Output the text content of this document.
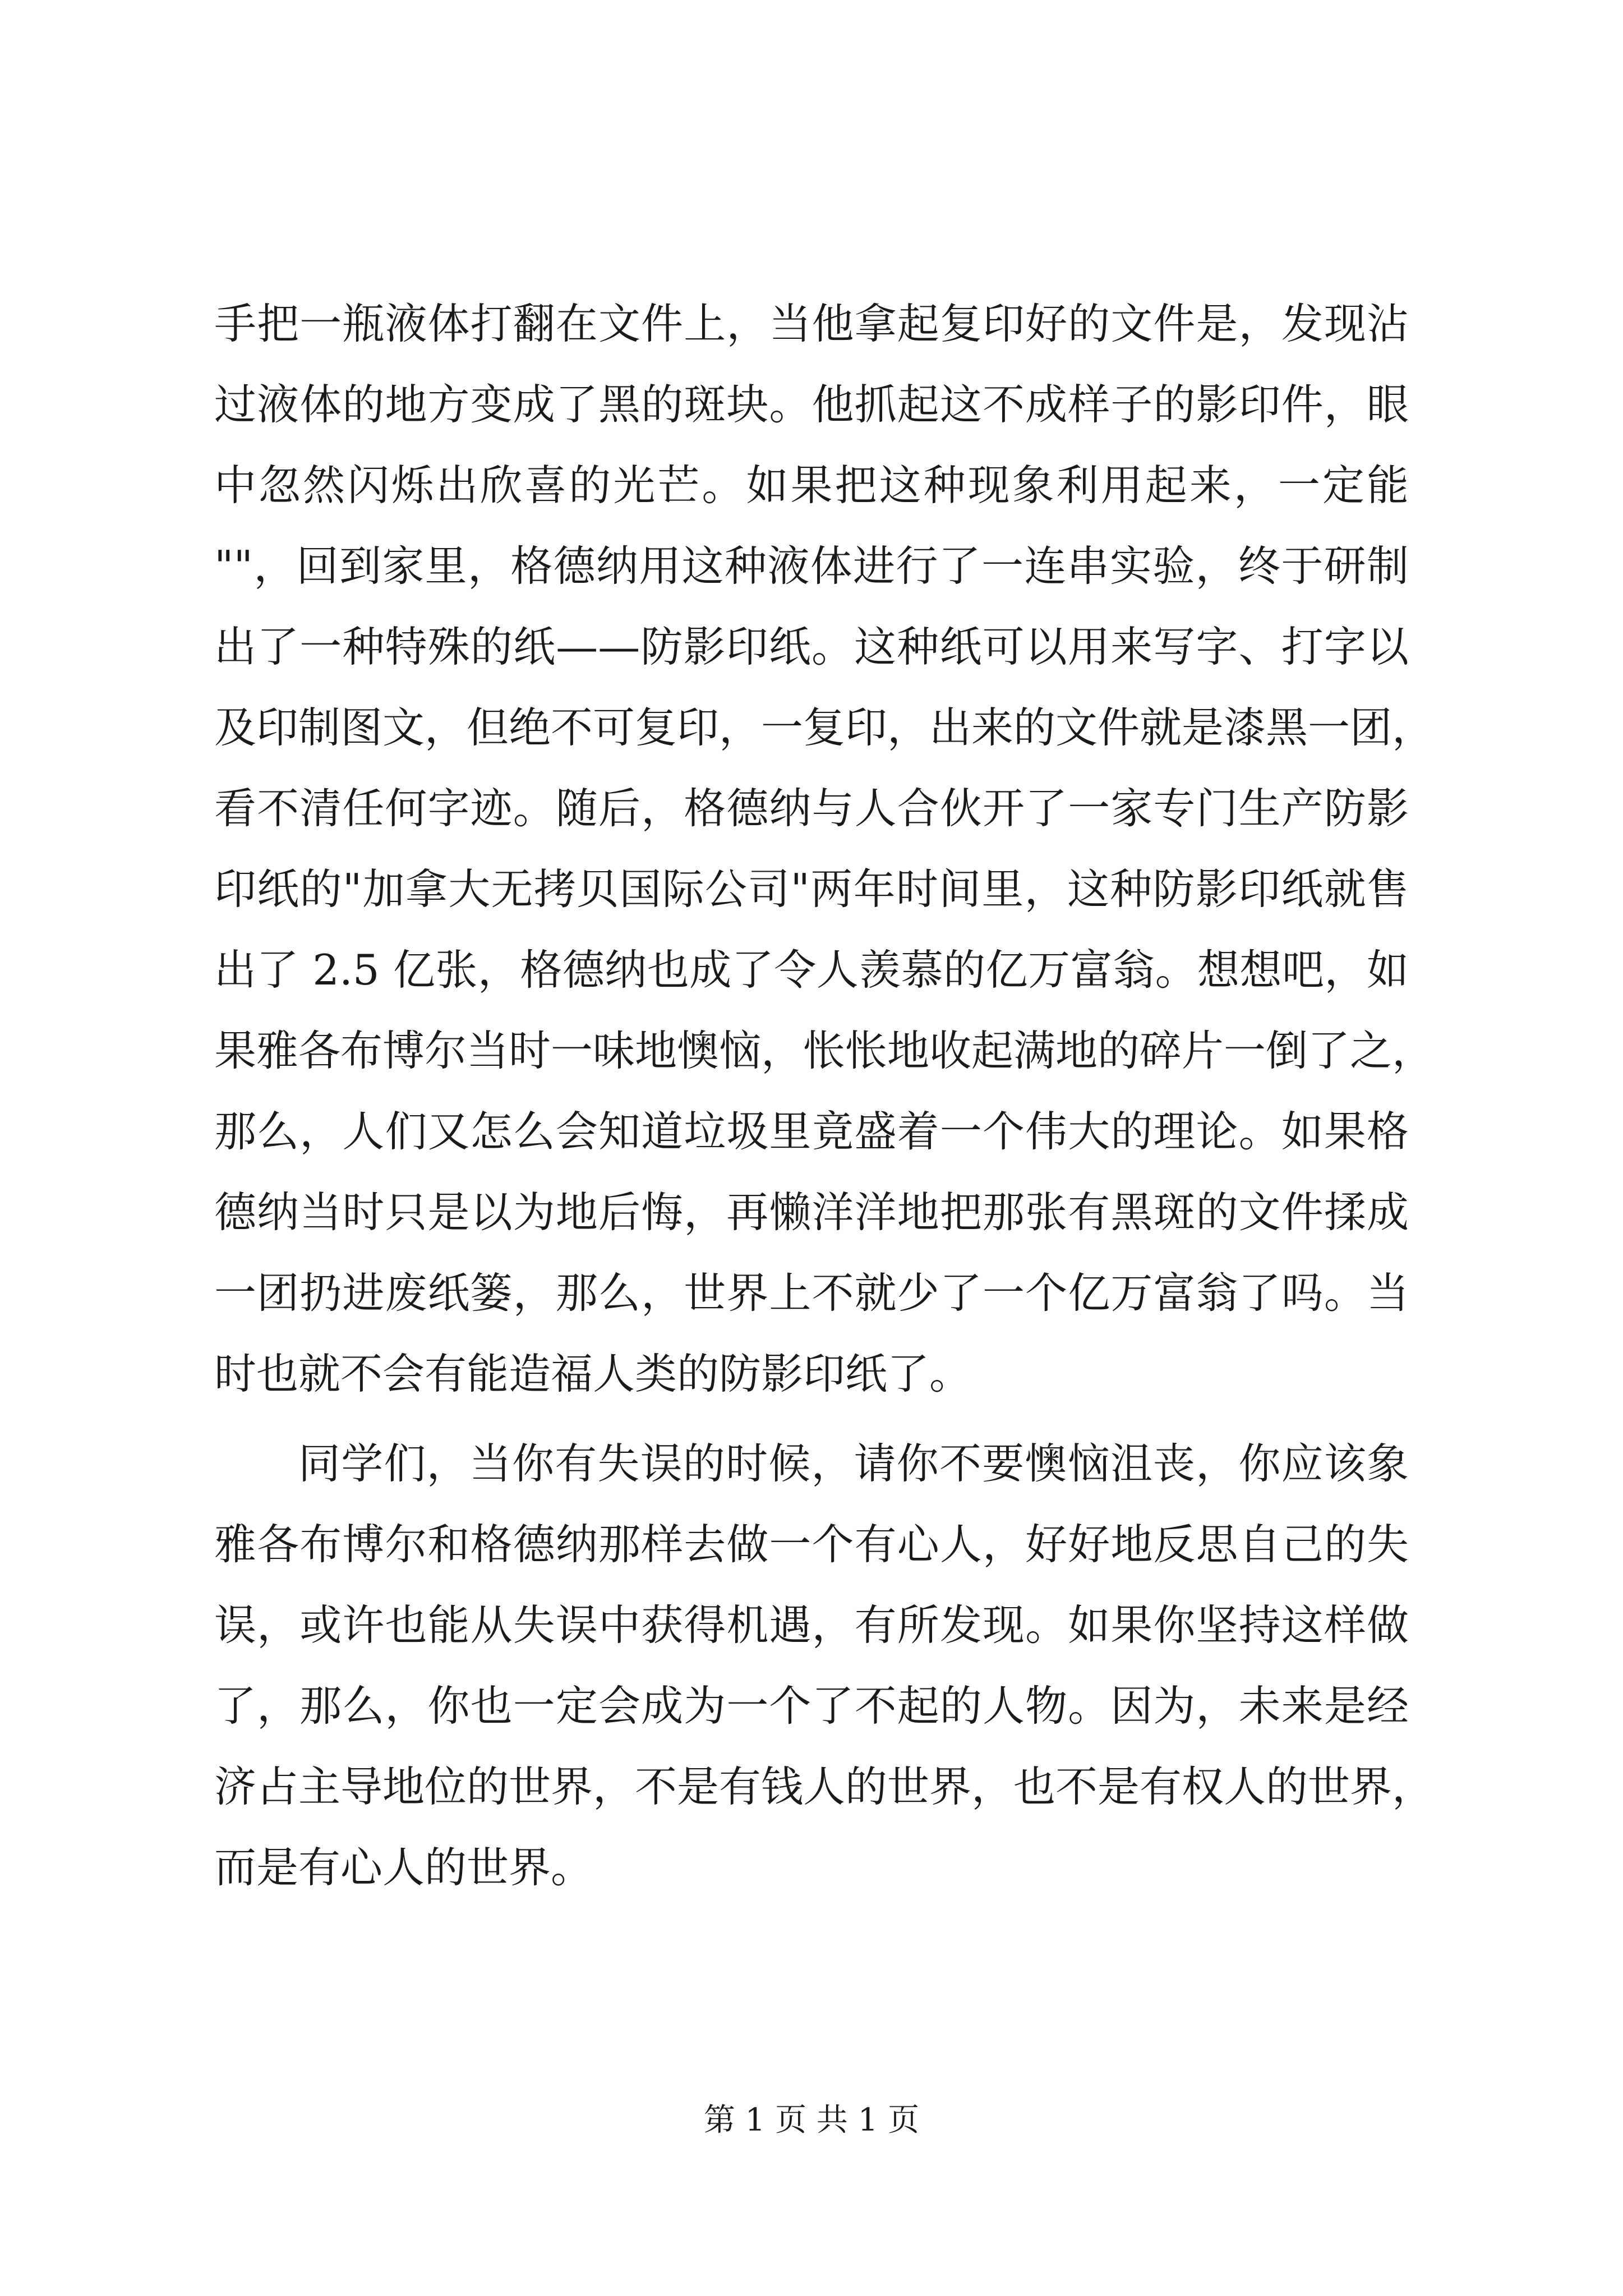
手把一瓶液体打翻在文件上，当他拿起复印好的文件是，发现沾
过液体的地方变成了黑的斑块。他抓起这不成样子的影印件，眼
中忽然闪烁出欣喜的光芒。如果把这种现象利用起来，一定能
""，回到家里，格德纳用这种液体进行了一连串实验，终于研制
出了一种特殊的纸——防影印纸。这种纸可以用来写字、打字以
及印制图文，但绝不可复印，一复印，出来的文件就是漆黑一团，
看不清任何字迹。随后，格德纳与人合伙开了一家专门生产防影
印纸的"加拿大无拷贝国际公司"两年时间里，这种防影印纸就售
出了 2.5 亿张，格德纳也成了令人羡慕的亿万富翁。想想吧，如
果雅各布博尔当时一味地懊恼，怅怅地收起满地的碎片一倒了之，
那么，人们又怎么会知道垃圾里竟盛着一个伟大的理论。如果格
德纳当时只是以为地后悔，再懒洋洋地把那张有黑斑的文件揉成
一团扔进废纸篓，那么，世界上不就少了一个亿万富翁了吗。当
时也就不会有能造福人类的防影印纸了。
同学们，当你有失误的时候，请你不要懊恼沮丧，你应该象
雅各布博尔和格德纳那样去做一个有心人，好好地反思自己的失
误，或许也能从失误中获得机遇，有所发现。如果你坚持这样做
了，那么，你也一定会成为一个了不起的人物。因为，未来是经
济占主导地位的世界，不是有钱人的世界，也不是有权人的世界，
而是有心人的世界。
第 1 页 共 1 页
